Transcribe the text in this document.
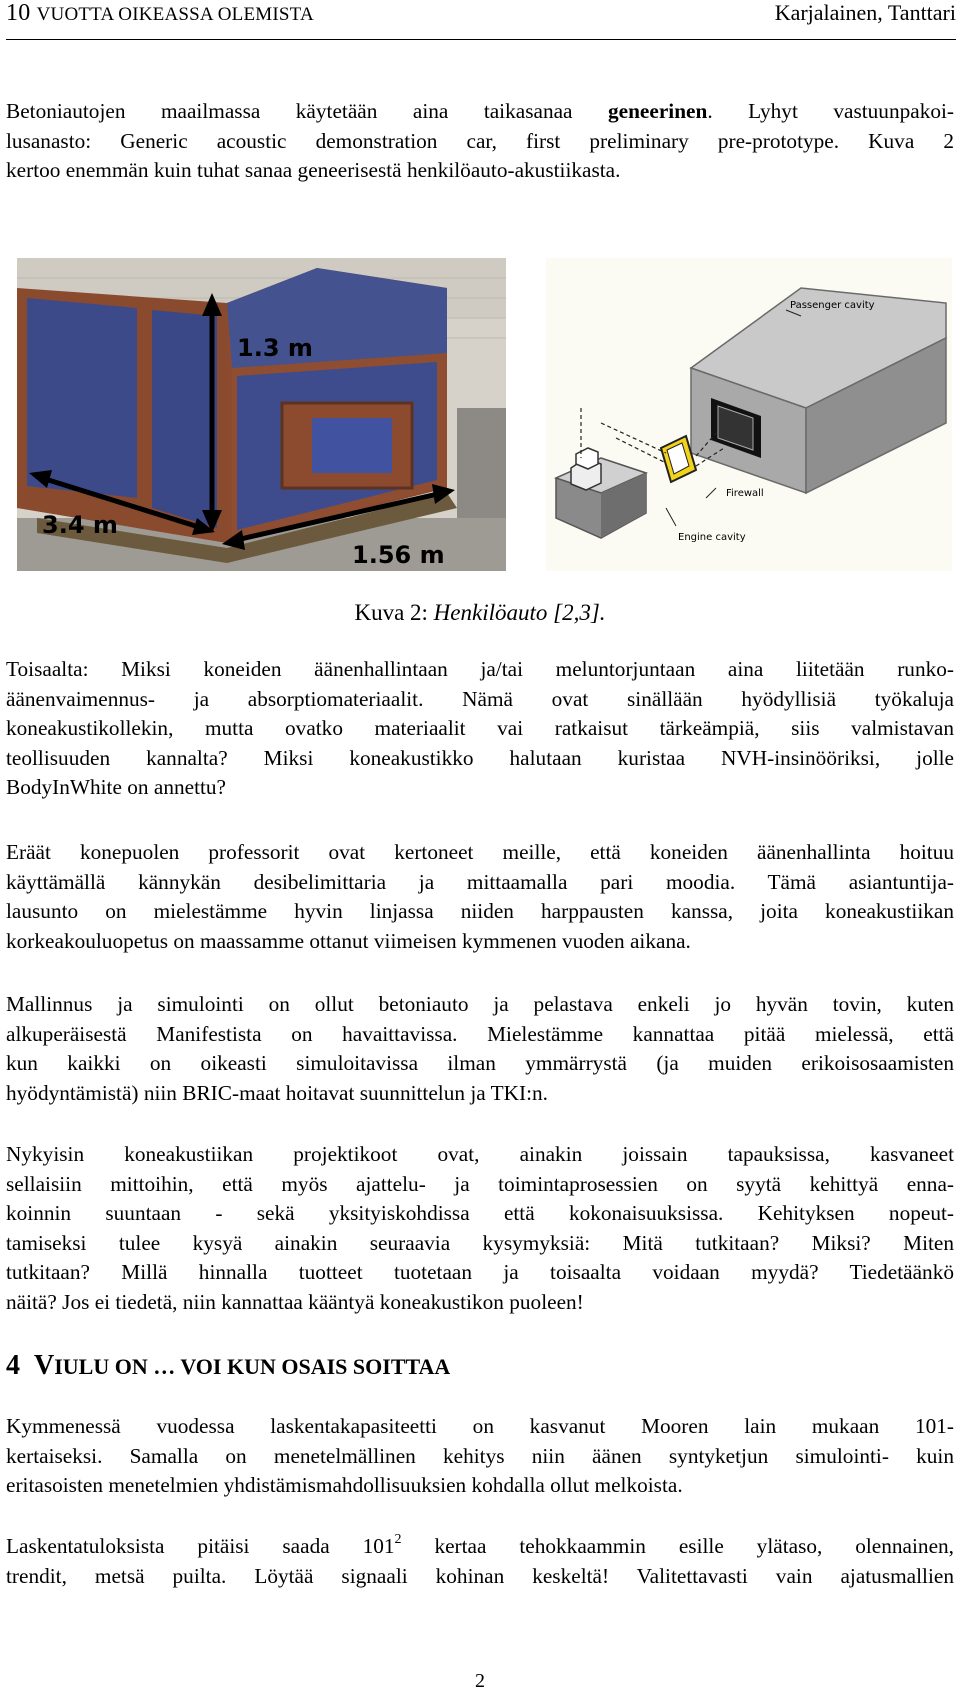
10 VUOTTA OIKEASSA OLEMISTA	Karjalainen, Tanttari
Betoniautojen maailmassa käytetään aina taikasanaa geneerinen. Lyhyt vastuunpakoi-
lusanasto: Generic acoustic demonstration car, first preliminary pre-prototype. Kuva 2
kertoo enemmän kuin tuhat sanaa geneerisestä henkilöauto-akustiikasta.
1.3 m
3.4 m
1.56 m
Passenger cavity
Firewall
Engine cavity
Kuva 2: Henkilöauto [2,3].
Toisaalta: Miksi koneiden äänenhallintaan ja/tai meluntorjuntaan aina liitetään runko-
äänenvaimennus- ja absorptiomateriaalit. Nämä ovat sinällään hyödyllisiä työkaluja
koneakustikollekin, mutta ovatko materiaalit vai ratkaisut tärkeämpiä, siis valmistavan
teollisuuden kannalta? Miksi koneakustikko halutaan kuristaa NVH-insinööriksi, jolle
BodyInWhite on annettu?
Eräät konepuolen professorit ovat kertoneet meille, että koneiden äänenhallinta hoituu
käyttämällä kännykän desibelimittaria ja mittaamalla pari moodia. Tämä asiantuntija-
lausunto on mielestämme hyvin linjassa niiden harppausten kanssa, joita koneakustiikan
korkeakouluopetus on maassamme ottanut viimeisen kymmenen vuoden aikana.
Mallinnus ja simulointi on ollut betoniauto ja pelastava enkeli jo hyvän tovin, kuten
alkuperäisestä Manifestista on havaittavissa. Mielestämme kannattaa pitää mielessä, että
kun kaikki on oikeasti simuloitavissa ilman ymmärrystä (ja muiden erikoisosaamisten
hyödyntämistä) niin BRIC-maat hoitavat suunnittelun ja TKI:n.
Nykyisin koneakustiikan projektikoot ovat, ainakin joissain tapauksissa, kasvaneet
sellaisiin mittoihin, että myös ajattelu- ja toimintaprosessien on syytä kehittyä enna-
koinnin suuntaan - sekä yksityiskohdissa että kokonaisuuksissa. Kehityksen nopeut-
tamiseksi tulee kysyä ainakin seuraavia kysymyksiä: Mitä tutkitaan? Miksi? Miten
tutkitaan? Millä hinnalla tuotteet tuotetaan ja toisaalta voidaan myydä? Tiedetäänkö
näitä? Jos ei tiedetä, niin kannattaa kääntyä koneakustikon puoleen!
4 VIULU ON … VOI KUN OSAIS SOITTAA
Kymmenessä vuodessa laskentakapasiteetti on kasvanut Mooren lain mukaan 101-
kertaiseksi. Samalla on menetelmällinen kehitys niin äänen syntyketjun simulointi- kuin
eritasoisten menetelmien yhdistämismahdollisuuksien kohdalla ollut melkoista.
Laskentatuloksista pitäisi saada $101^2$ kertaa tehokkaammin esille ylätaso, olennainen,
trendit, metsä puilta. Löytää signaali kohinan keskeltä! Valitettavasti vain ajatusmallien
2
